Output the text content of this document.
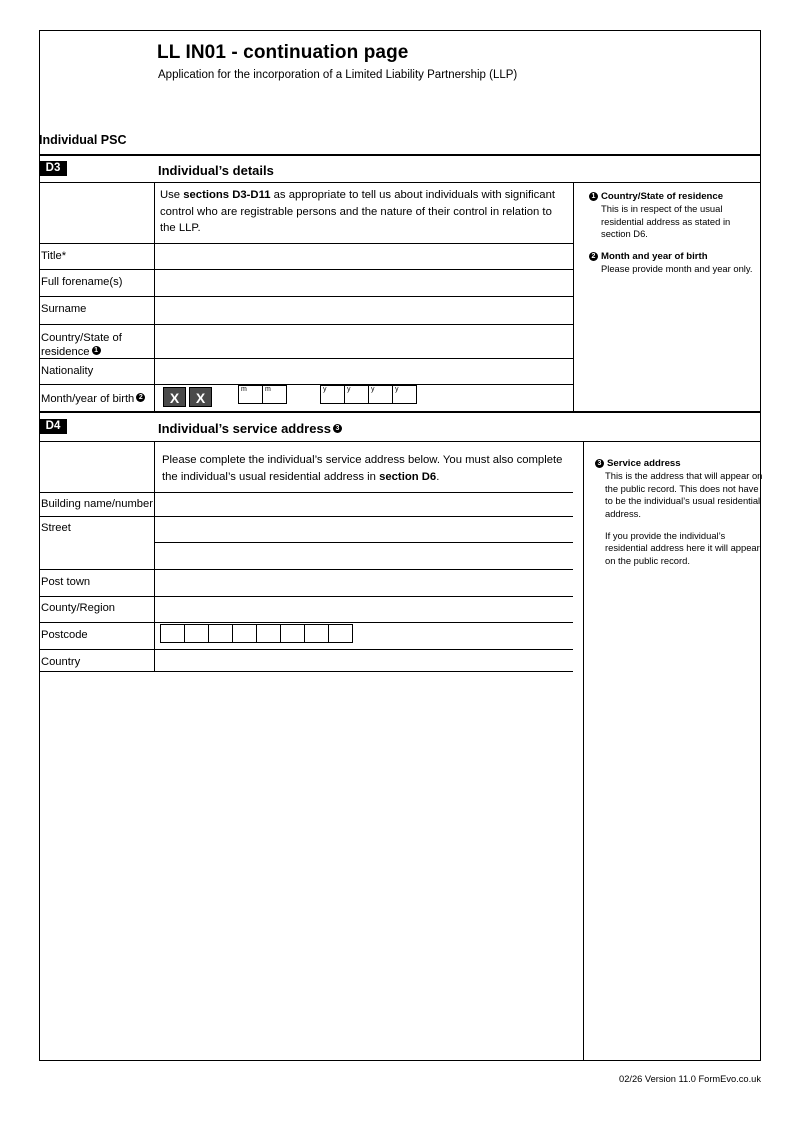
LL IN01 - continuation page
Application for the incorporation of a Limited Liability Partnership (LLP)
Individual PSC
D3	Individual’s details
Use sections D3-D11 as appropriate to tell us about individuals with significant control who are registrable persons and the nature of their control in relation to the LLP.
1 Country/State of residence
This is in respect of the usual residential address as stated in section D6.
2 Month and year of birth
Please provide month and year only.
Title*
Full forename(s)
Surname
Country/State of
residence 1
Nationality
Month/year of birth 2	X	X
m	m	y	y	y	y
D4	Individual’s service address 3
Please complete the individual’s service address below. You must also complete the individual’s usual residential address in section D6.
3 Service address
This is the address that will appear on the public record. This does not have to be the individual’s usual residential address.
If you provide the individual’s residential address here it will appear on the public record.
Building name/number
Street
Post town
County/Region
Postcode
Country
02/26 Version 11.0 FormEvo.co.uk
